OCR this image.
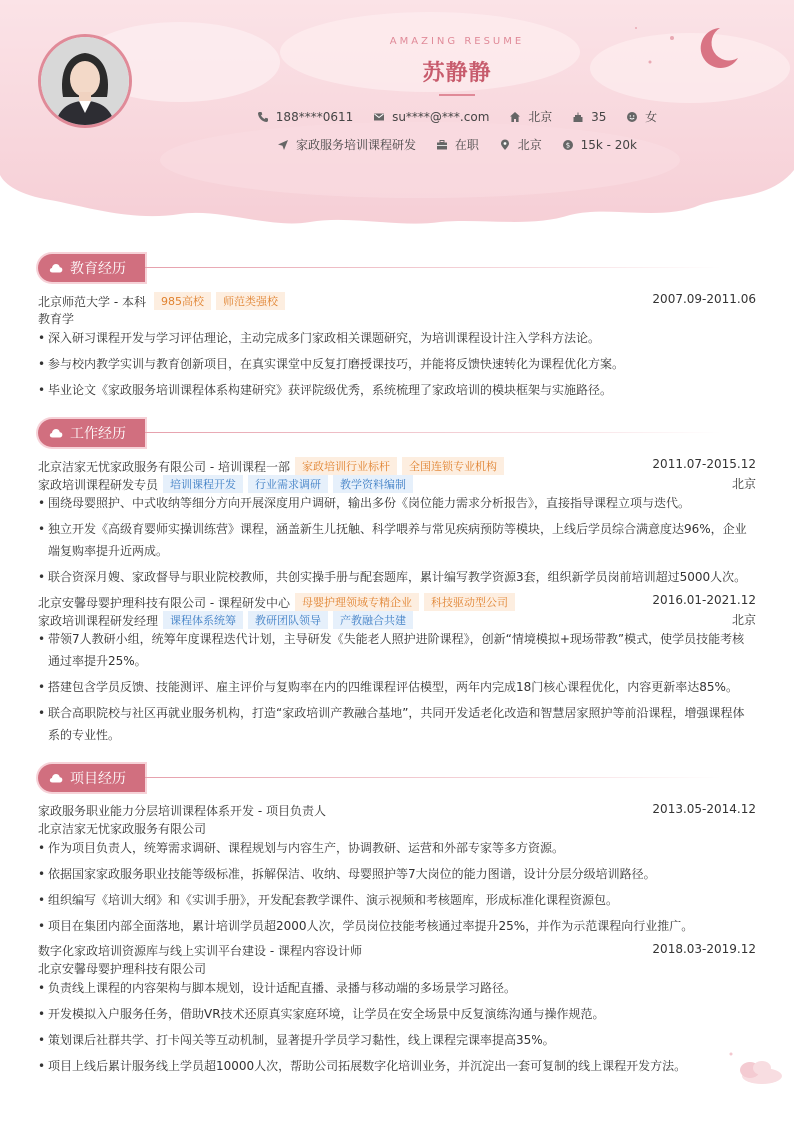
AMAZING RESUME
苏静静
188****0611
	su****@***.com
	北京
	35
	女
家政服务培训课程研发
	在职
	北京
	$ 15k - 20k
教育经历
北京师范大学 - 本科	985高校	师范类强校	2007.09-2011.06
教育学
• 深入研习课程开发与学习评估理论，主动完成多门家政相关课题研究，为培训课程设计注入学科方法论。
• 参与校内教学实训与教育创新项目，在真实课堂中反复打磨授课技巧，并能将反馈快速转化为课程优化方案。
• 毕业论文《家政服务培训课程体系构建研究》获评院级优秀，系统梳理了家政培训的模块框架与实施路径。
工作经历
北京洁家无忧家政服务有限公司 - 培训课程一部	家政培训行业标杆	全国连锁专业机构	2011.07-2015.12
家政培训课程研发专员	培训课程开发	行业需求调研	教学资料编制	北京
• 围绕母婴照护、中式收纳等细分方向开展深度用户调研，输出多份《岗位能力需求分析报告》，直接指导课程立项与迭代。
• 独立开发《高级育婴师实操训练营》课程，涵盖新生儿抚触、科学喂养与常见疾病预防等模块，上线后学员综合满意度达96%，企业端复购率提升近两成。
• 联合资深月嫂、家政督导与职业院校教师，共创实操手册与配套题库，累计编写教学资源3套，组织新学员岗前培训超过5000人次。
北京安馨母婴护理科技有限公司 - 课程研发中心	母婴护理领域专精企业	科技驱动型公司	2016.01-2021.12
家政培训课程研发经理	课程体系统筹	教研团队领导	产教融合共建	北京
• 带领7人教研小组，统筹年度课程迭代计划，主导研发《失能老人照护进阶课程》，创新“情境模拟+现场带教”模式，使学员技能考核通过率提升25%。
• 搭建包含学员反馈、技能测评、雇主评价与复购率在内的四维课程评估模型，两年内完成18门核心课程优化，内容更新率达85%。
• 联合高职院校与社区再就业服务机构，打造“家政培训产教融合基地”，共同开发适老化改造和智慧居家照护等前沿课程，增强课程体系的专业性。
项目经历
家政服务职业能力分层培训课程体系开发 - 项目负责人	2013.05-2014.12
北京洁家无忧家政服务有限公司
• 作为项目负责人，统筹需求调研、课程规划与内容生产，协调教研、运营和外部专家等多方资源。
• 依据国家家政服务职业技能等级标准，拆解保洁、收纳、母婴照护等7大岗位的能力图谱，设计分层分级培训路径。
• 组织编写《培训大纲》和《实训手册》，开发配套教学课件、演示视频和考核题库，形成标准化课程资源包。
• 项目在集团内部全面落地，累计培训学员超2000人次，学员岗位技能考核通过率提升25%，并作为示范课程向行业推广。
数字化家政培训资源库与线上实训平台建设 - 课程内容设计师	2018.03-2019.12
北京安馨母婴护理科技有限公司
• 负责线上课程的内容架构与脚本规划，设计适配直播、录播与移动端的多场景学习路径。
• 开发模拟入户服务任务，借助VR技术还原真实家庭环境，让学员在安全场景中反复演练沟通与操作规范。
• 策划课后社群共学、打卡闯关等互动机制，显著提升学员学习黏性，线上课程完课率提高35%。
• 项目上线后累计服务线上学员超10000人次，帮助公司拓展数字化培训业务，并沉淀出一套可复制的线上课程开发方法。
